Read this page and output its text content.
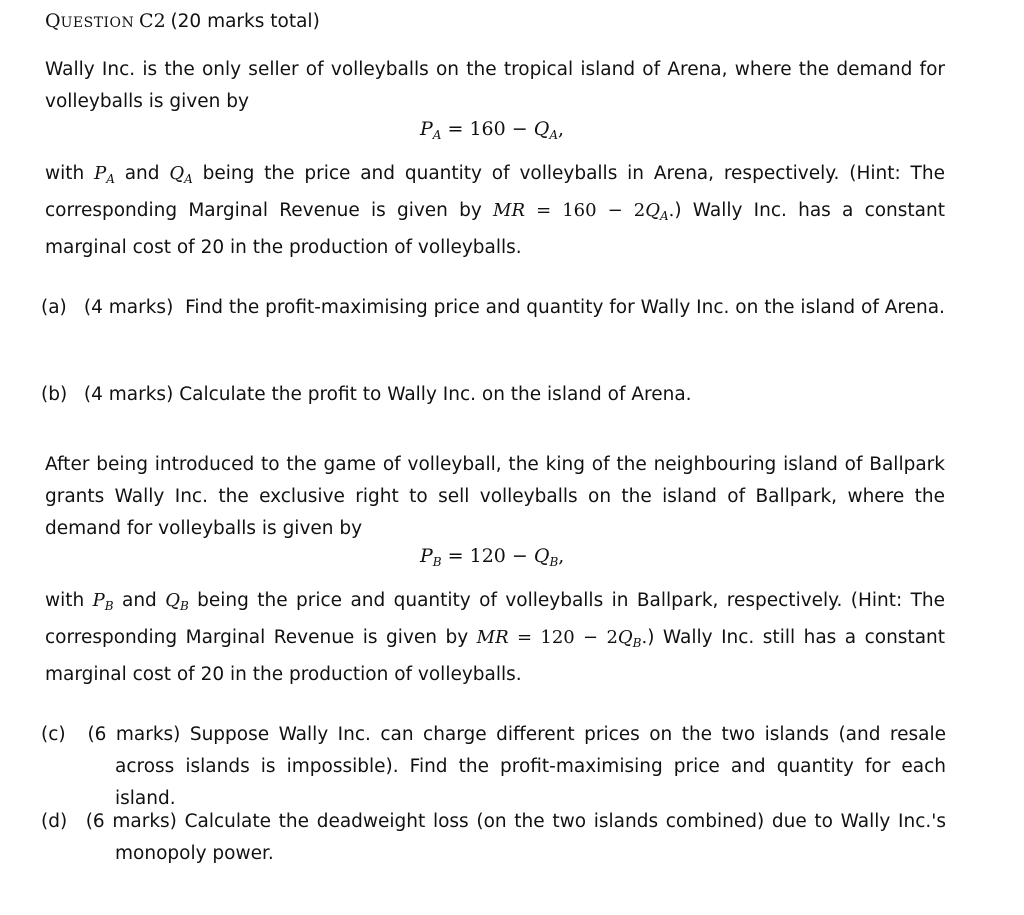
QUESTION C2 (20 marks total)

Wally Inc. is the only seller of volleyballs on the tropical island of Arena, where the demand for volleyballs is given by

$P_A = 160 - Q_A$,

with $P_A$ and $Q_A$ being the price and quantity of volleyballs in Arena, respectively. (Hint: The corresponding Marginal Revenue is given by MR = $160 - 2Q_A$.) Wally Inc. has a constant marginal cost of 20 in the production of volleyballs.

(a) (4 marks) Find the profit-maximising price and quantity for Wally Inc. on the island of Arena.

(b) (4 marks) Calculate the profit to Wally Inc. on the island of Arena.

After being introduced to the game of volleyball, the king of the neighbouring island of Ballpark grants Wally Inc. the exclusive right to sell volleyballs on the island of Ballpark, where the demand for volleyballs is given by

$P_B = 120 - Q_B$,

with $P_B$ and $Q_B$ being the price and quantity of volleyballs in Ballpark, respectively. (Hint: The corresponding Marginal Revenue is given by MR = $120 - 2Q_B$.) Wally Inc. still has a constant marginal cost of 20 in the production of volleyballs.

(c) (6 marks) Suppose Wally Inc. can charge different prices on the two islands (and resale across islands is impossible). Find the profit-maximising price and quantity for each island.

(d) (6 marks) Calculate the deadweight loss (on the two islands combined) due to Wally Inc.'s monopoly power.
